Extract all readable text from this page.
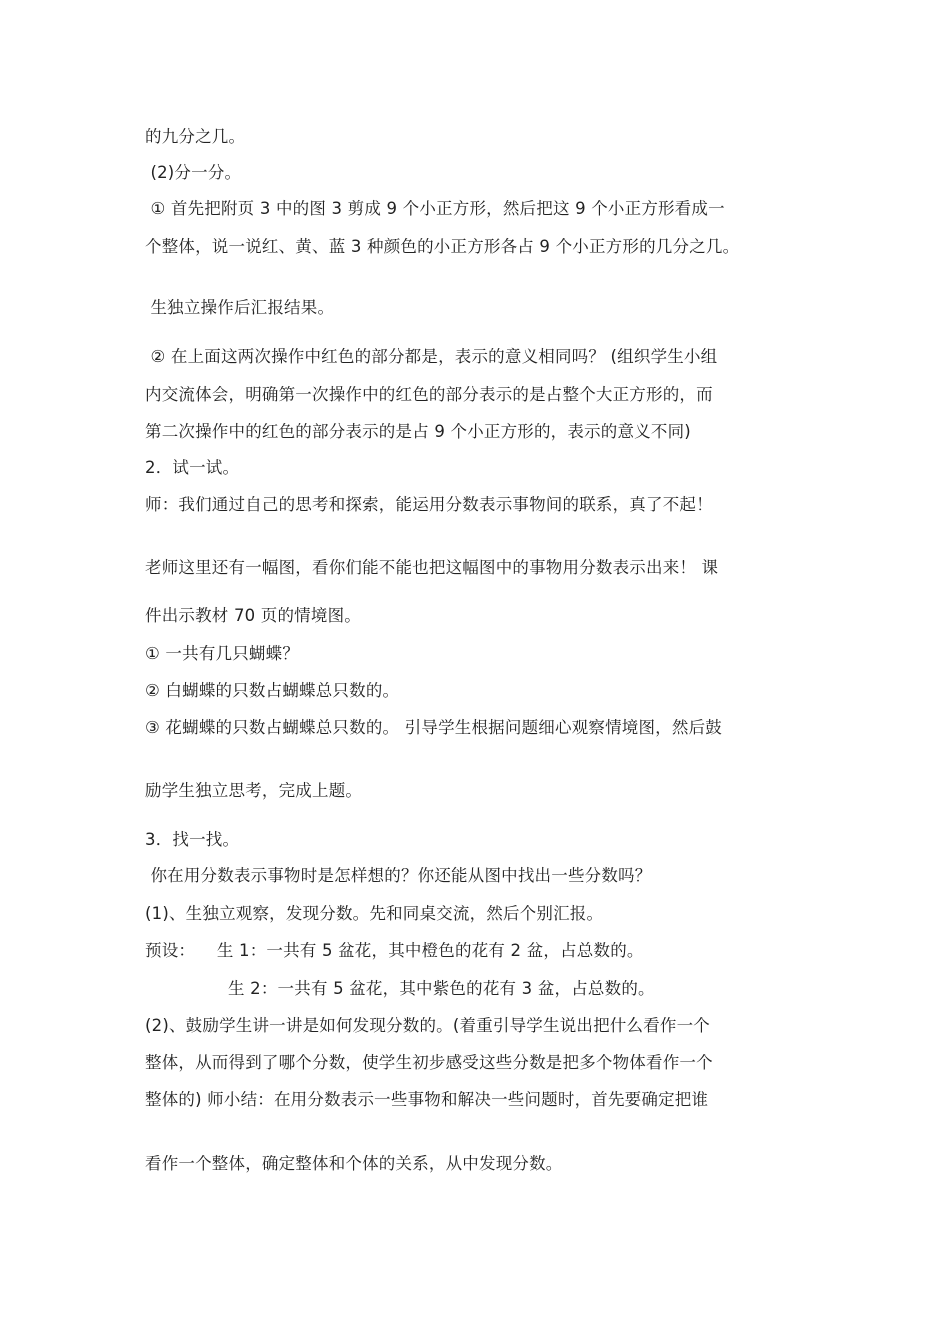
的九分之几。
(2)分一分。
① 首先把附页 3 中的图 3 剪成 9 个小正方形，然后把这 9 个小正方形看成一
个整体，说一说红、黄、蓝 3 种颜色的小正方形各占 9 个小正方形的几分之几。
生独立操作后汇报结果。
② 在上面这两次操作中红色的部分都是，表示的意义相同吗？ (组织学生小组
内交流体会，明确第一次操作中的红色的部分表示的是占整个大正方形的，而
第二次操作中的红色的部分表示的是占 9 个小正方形的，表示的意义不同)
2．试一试。
师：我们通过自己的思考和探索，能运用分数表示事物间的联系，真了不起！
老师这里还有一幅图，看你们能不能也把这幅图中的事物用分数表示出来！ 课
件出示教材 70 页的情境图。
① 一共有几只蝴蝶？
② 白蝴蝶的只数占蝴蝶总只数的。
③ 花蝴蝶的只数占蝴蝶总只数的。 引导学生根据问题细心观察情境图，然后鼓
励学生独立思考，完成上题。
3．找一找。
你在用分数表示事物时是怎样想的？你还能从图中找出一些分数吗？
(1)、生独立观察，发现分数。先和同桌交流，然后个别汇报。
预设：    生 1：一共有 5 盆花，其中橙色的花有 2 盆，占总数的。
生 2：一共有 5 盆花，其中紫色的花有 3 盆，占总数的。
(2)、鼓励学生讲一讲是如何发现分数的。(着重引导学生说出把什么看作一个
整体，从而得到了哪个分数，使学生初步感受这些分数是把多个物体看作一个
整体的) 师小结：在用分数表示一些事物和解决一些问题时，首先要确定把谁
看作一个整体，确定整体和个体的关系，从中发现分数。
